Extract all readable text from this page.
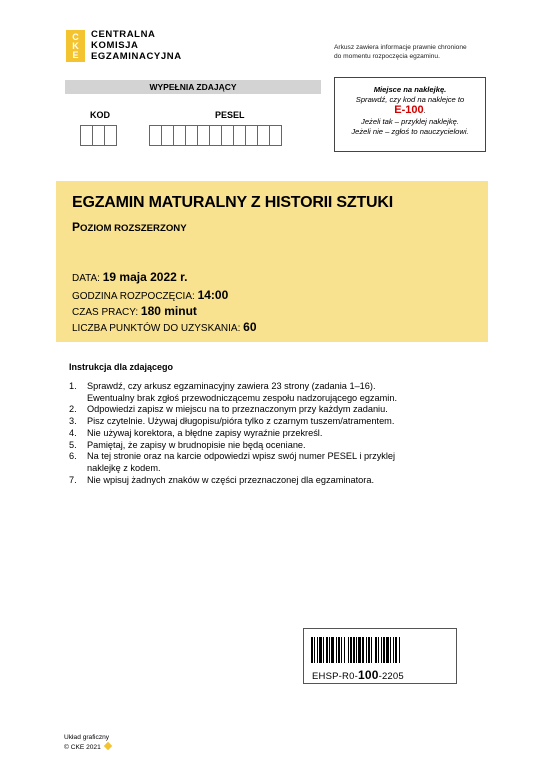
C
K
E
CENTRALNA
KOMISJA
EGZAMINACYJNA
Arkusz zawiera informacje prawnie chronione
do momentu rozpoczęcia egzaminu.
WYPEŁNIA ZDAJĄCY
KOD	PESEL
Miejsce na naklejkę.
Sprawdź, czy kod na naklejce to
E-100.
Jeżeli tak – przyklej naklejkę.
Jeżeli nie – zgłoś to nauczycielowi.
EGZAMIN MATURALNY Z HISTORII SZTUKI
POZIOM ROZSZERZONY
DATA: 19 maja 2022 r.
GODZINA ROZPOCZĘCIA: 14:00
CZAS PRACY: 180 minut
LICZBA PUNKTÓW DO UZYSKANIA: 60
Instrukcja dla zdającego
1.	Sprawdź, czy arkusz egzaminacyjny zawiera 23 strony (zadania 1–16).
Ewentualny brak zgłoś przewodniczącemu zespołu nadzorującego egzamin.
2.	Odpowiedzi zapisz w miejscu na to przeznaczonym przy każdym zadaniu.
3.	Pisz czytelnie. Używaj długopisu/pióra tylko z czarnym tuszem/atramentem.
4.	Nie używaj korektora, a błędne zapisy wyraźnie przekreśl.
5.	Pamiętaj, że zapisy w brudnopisie nie będą oceniane.
6.	Na tej stronie oraz na karcie odpowiedzi wpisz swój numer PESEL i przyklej
naklejkę z kodem.
7.	Nie wpisuj żadnych znaków w części przeznaczonej dla egzaminatora.
EHSP-R0-100-2205
Układ graficzny
© CKE 2021
